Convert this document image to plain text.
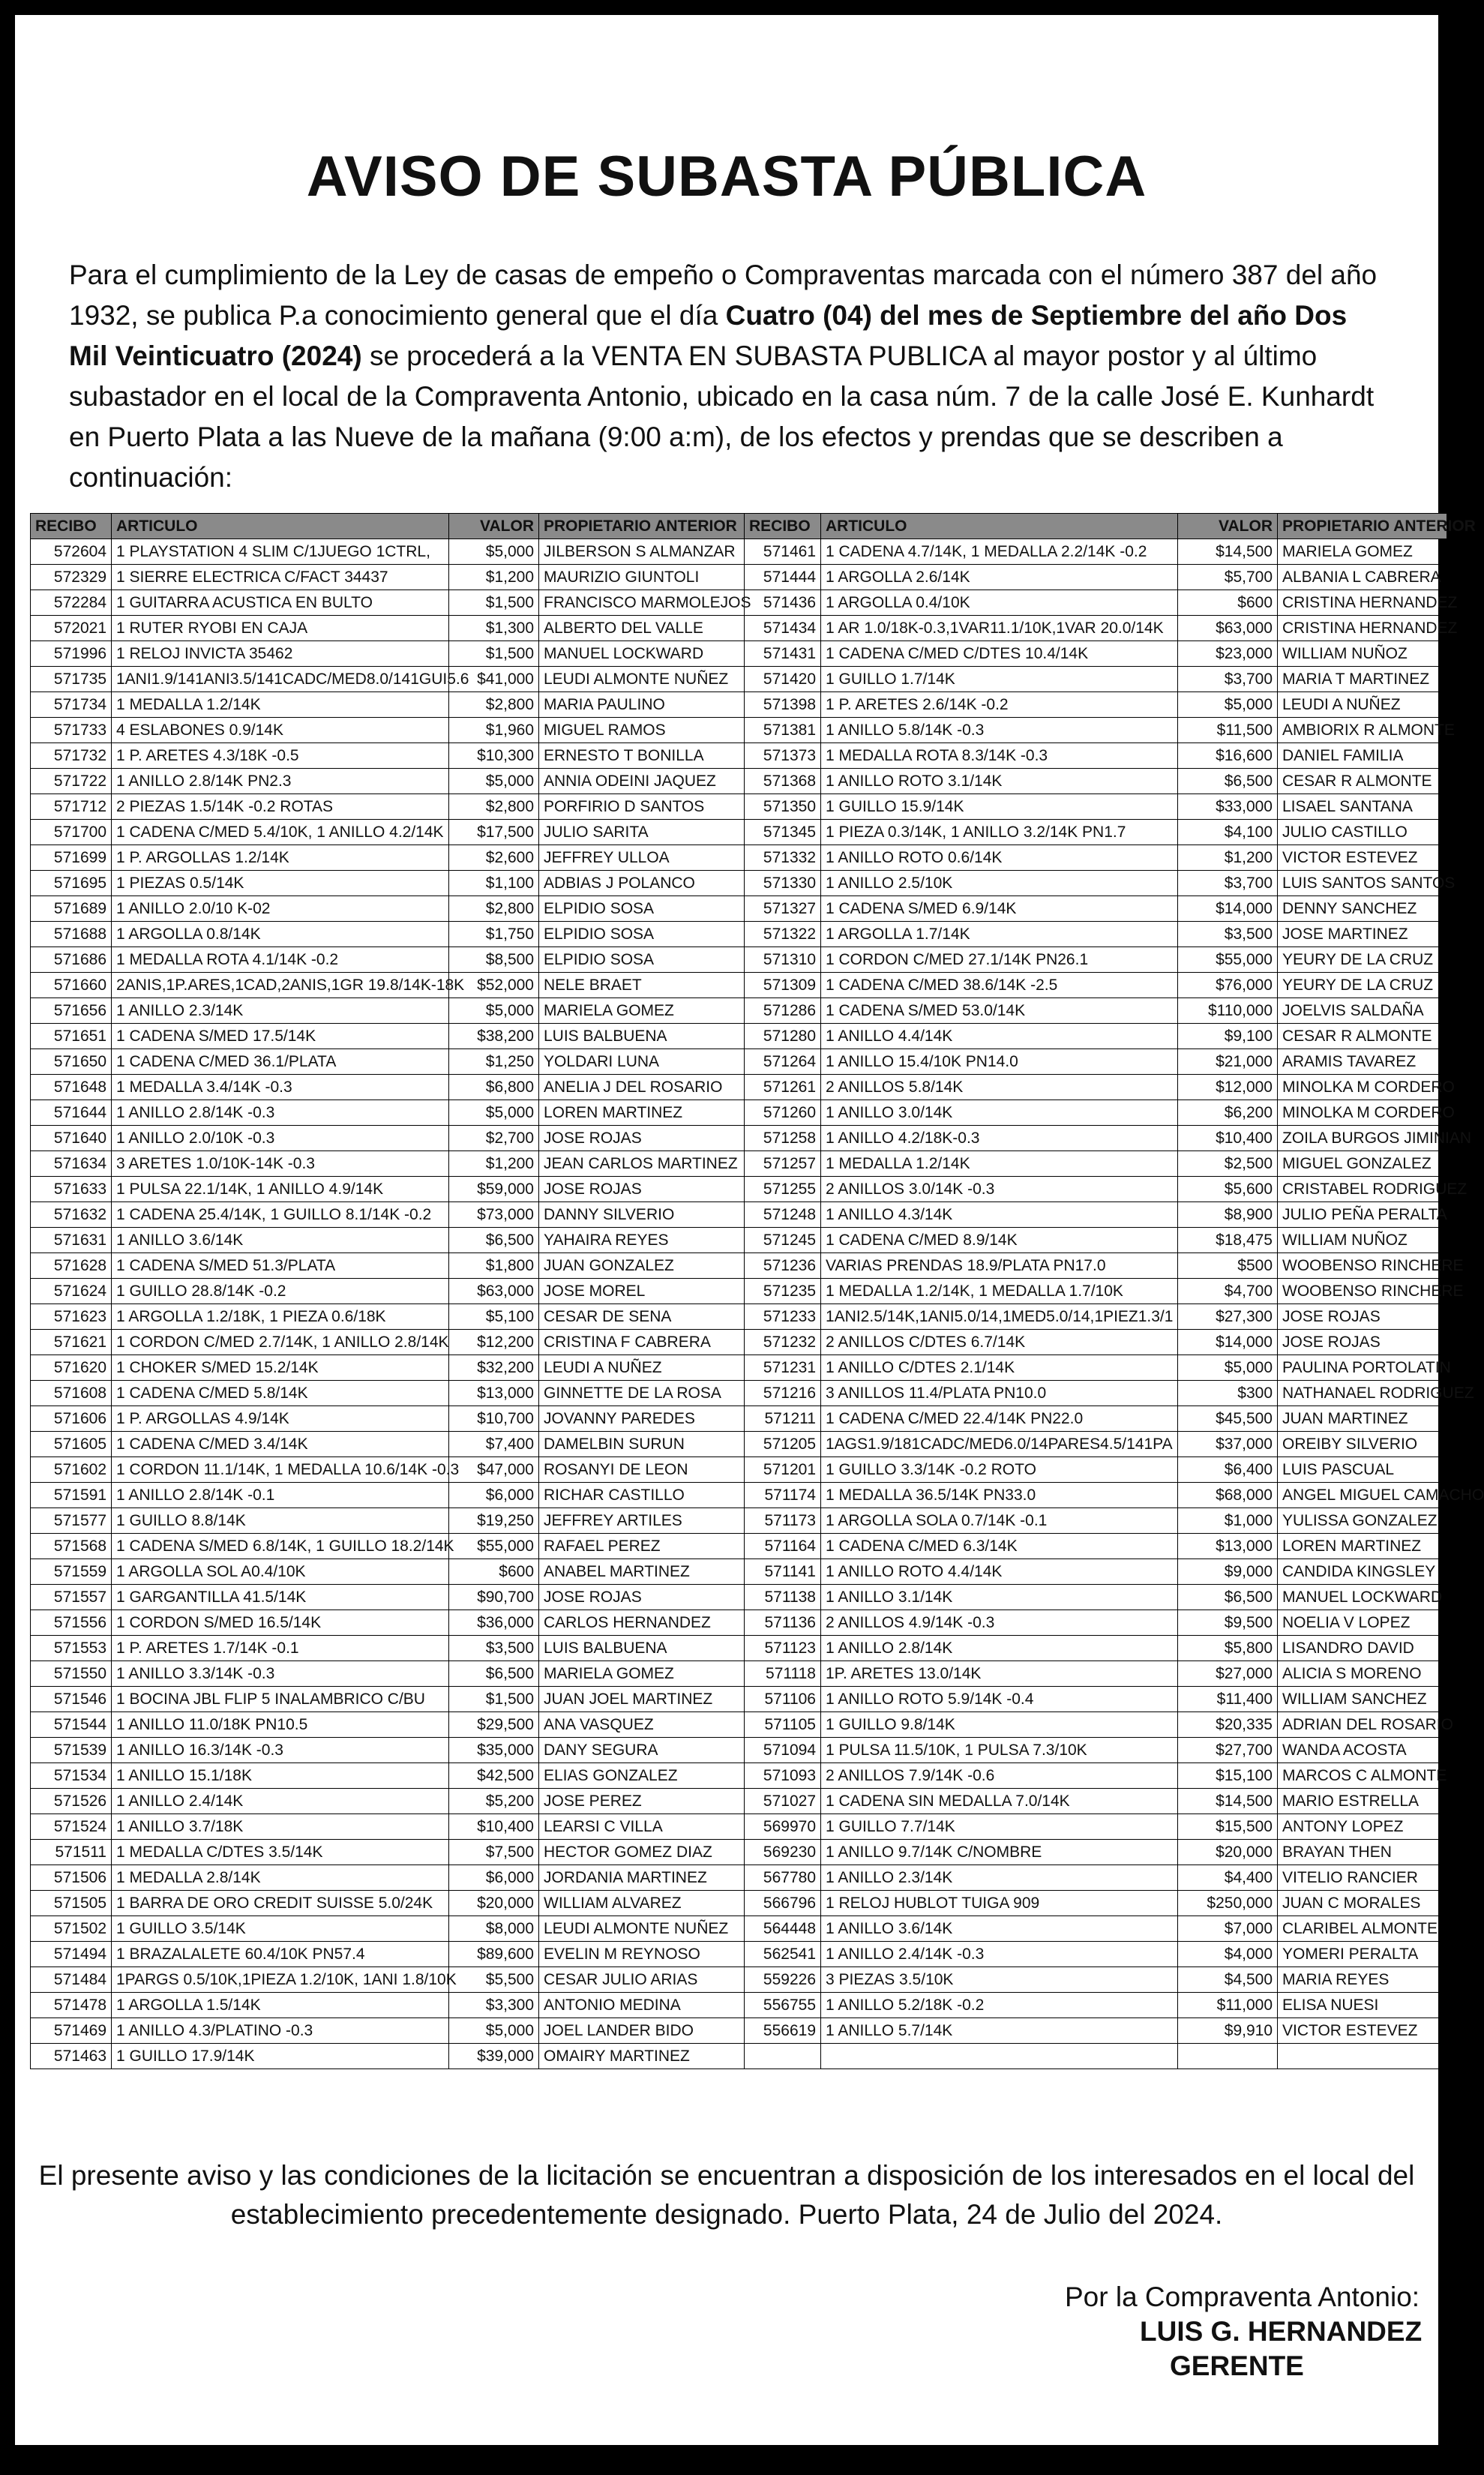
AVISO DE SUBASTA PÚBLICA
Para el cumplimiento de la Ley de casas de empeño o Compraventas marcada con el número 387 del año 1932, se publica P.a conocimiento general que el día Cuatro (04) del mes de Septiembre del año Dos Mil Veinticuatro (2024) se procederá a la VENTA EN SUBASTA PUBLICA al mayor postor y al último subastador en el local de la Compraventa Antonio, ubicado en la casa núm. 7 de la calle José E. Kunhardt en Puerto Plata a las Nueve de la mañana (9:00 a:m), de los efectos y prendas que se describen a continuación:
RECIBO	ARTICULO	VALOR	PROPIETARIO ANTERIOR	RECIBO	ARTICULO	VALOR	PROPIETARIO ANTERIOR
572604	1 PLAYSTATION 4 SLIM C/1JUEGO 1CTRL,	$5,000	JILBERSON S ALMANZAR	571461	1 CADENA 4.7/14K, 1 MEDALLA 2.2/14K -0.2	$14,500	MARIELA GOMEZ
572329	1 SIERRE ELECTRICA C/FACT 34437	$1,200	MAURIZIO GIUNTOLI	571444	1 ARGOLLA 2.6/14K	$5,700	ALBANIA L CABRERA
572284	1 GUITARRA ACUSTICA EN BULTO	$1,500	FRANCISCO MARMOLEJOS	571436	1 ARGOLLA 0.4/10K	$600	CRISTINA HERNANDEZ
572021	1 RUTER RYOBI EN CAJA	$1,300	ALBERTO DEL VALLE	571434	1 AR 1.0/18K-0.3,1VAR11.1/10K,1VAR 20.0/14K	$63,000	CRISTINA HERNANDEZ
571996	1 RELOJ INVICTA 35462	$1,500	MANUEL LOCKWARD	571431	1 CADENA C/MED C/DTES 10.4/14K	$23,000	WILLIAM NUÑOZ
571735	1ANI1.9/141ANI3.5/141CADC/MED8.0/141GUI5.6	$41,000	LEUDI ALMONTE NUÑEZ	571420	1 GUILLO 1.7/14K	$3,700	MARIA T MARTINEZ
571734	1 MEDALLA 1.2/14K	$2,800	MARIA PAULINO	571398	1 P. ARETES 2.6/14K -0.2	$5,000	LEUDI A NUÑEZ
571733	4 ESLABONES 0.9/14K	$1,960	MIGUEL RAMOS	571381	1 ANILLO 5.8/14K -0.3	$11,500	AMBIORIX R ALMONTE
571732	1 P. ARETES 4.3/18K -0.5	$10,300	ERNESTO T BONILLA	571373	1 MEDALLA ROTA 8.3/14K -0.3	$16,600	DANIEL FAMILIA
571722	1 ANILLO 2.8/14K PN2.3	$5,000	ANNIA ODEINI JAQUEZ	571368	1 ANILLO ROTO 3.1/14K	$6,500	CESAR R ALMONTE
571712	2 PIEZAS 1.5/14K -0.2 ROTAS	$2,800	PORFIRIO D SANTOS	571350	1 GUILLO 15.9/14K	$33,000	LISAEL SANTANA
571700	1 CADENA C/MED 5.4/10K, 1 ANILLO 4.2/14K	$17,500	JULIO SARITA	571345	1 PIEZA 0.3/14K, 1 ANILLO 3.2/14K PN1.7	$4,100	JULIO CASTILLO
571699	1 P. ARGOLLAS 1.2/14K	$2,600	JEFFREY ULLOA	571332	1 ANILLO ROTO 0.6/14K	$1,200	VICTOR ESTEVEZ
571695	1 PIEZAS 0.5/14K	$1,100	ADBIAS J POLANCO	571330	1 ANILLO 2.5/10K	$3,700	LUIS SANTOS SANTOS
571689	1 ANILLO 2.0/10 K-02	$2,800	ELPIDIO SOSA	571327	1 CADENA S/MED 6.9/14K	$14,000	DENNY SANCHEZ
571688	1 ARGOLLA 0.8/14K	$1,750	ELPIDIO SOSA	571322	1 ARGOLLA 1.7/14K	$3,500	JOSE MARTINEZ
571686	1 MEDALLA ROTA 4.1/14K -0.2	$8,500	ELPIDIO SOSA	571310	1 CORDON C/MED 27.1/14K PN26.1	$55,000	YEURY DE LA CRUZ
571660	2ANIS,1P.ARES,1CAD,2ANIS,1GR 19.8/14K-18K	$52,000	NELE BRAET	571309	1 CADENA C/MED 38.6/14K -2.5	$76,000	YEURY DE LA CRUZ
571656	1 ANILLO 2.3/14K	$5,000	MARIELA GOMEZ	571286	1 CADENA S/MED 53.0/14K	$110,000	JOELVIS SALDAÑA
571651	1 CADENA S/MED 17.5/14K	$38,200	LUIS BALBUENA	571280	1 ANILLO 4.4/14K	$9,100	CESAR R ALMONTE
571650	1 CADENA C/MED 36.1/PLATA	$1,250	YOLDARI LUNA	571264	1 ANILLO 15.4/10K PN14.0	$21,000	ARAMIS TAVAREZ
571648	1 MEDALLA 3.4/14K -0.3	$6,800	ANELIA J DEL ROSARIO	571261	2 ANILLOS 5.8/14K	$12,000	MINOLKA M CORDERO
571644	1 ANILLO 2.8/14K -0.3	$5,000	LOREN MARTINEZ	571260	1 ANILLO 3.0/14K	$6,200	MINOLKA M CORDERO
571640	1 ANILLO 2.0/10K -0.3	$2,700	JOSE ROJAS	571258	1 ANILLO 4.2/18K-0.3	$10,400	ZOILA BURGOS JIMINIAN
571634	3 ARETES 1.0/10K-14K -0.3	$1,200	JEAN CARLOS MARTINEZ	571257	1 MEDALLA 1.2/14K	$2,500	MIGUEL GONZALEZ
571633	1 PULSA 22.1/14K, 1 ANILLO 4.9/14K	$59,000	JOSE ROJAS	571255	2 ANILLOS 3.0/14K -0.3	$5,600	CRISTABEL RODRIGUEZ
571632	1 CADENA 25.4/14K, 1 GUILLO 8.1/14K -0.2	$73,000	DANNY SILVERIO	571248	1 ANILLO 4.3/14K	$8,900	JULIO PEÑA PERALTA
571631	1 ANILLO 3.6/14K	$6,500	YAHAIRA REYES	571245	1 CADENA C/MED 8.9/14K	$18,475	WILLIAM NUÑOZ
571628	1 CADENA S/MED 51.3/PLATA	$1,800	JUAN GONZALEZ	571236	VARIAS PRENDAS 18.9/PLATA PN17.0	$500	WOOBENSO RINCHERE
571624	1 GUILLO 28.8/14K -0.2	$63,000	JOSE MOREL	571235	1 MEDALLA 1.2/14K, 1 MEDALLA 1.7/10K	$4,700	WOOBENSO RINCHERE
571623	1 ARGOLLA 1.2/18K, 1 PIEZA 0.6/18K	$5,100	CESAR DE SENA	571233	1ANI2.5/14K,1ANI5.0/14,1MED5.0/14,1PIEZ1.3/1	$27,300	JOSE ROJAS
571621	1 CORDON C/MED 2.7/14K, 1 ANILLO 2.8/14K	$12,200	CRISTINA F CABRERA	571232	2 ANILLOS C/DTES 6.7/14K	$14,000	JOSE ROJAS
571620	1 CHOKER S/MED 15.2/14K	$32,200	LEUDI A NUÑEZ	571231	1 ANILLO C/DTES 2.1/14K	$5,000	PAULINA PORTOLATIN
571608	1 CADENA C/MED 5.8/14K	$13,000	GINNETTE DE LA ROSA	571216	3 ANILLOS 11.4/PLATA PN10.0	$300	NATHANAEL RODRIGUEZ
571606	1 P. ARGOLLAS 4.9/14K	$10,700	JOVANNY PAREDES	571211	1 CADENA C/MED 22.4/14K PN22.0	$45,500	JUAN MARTINEZ
571605	1 CADENA C/MED 3.4/14K	$7,400	DAMELBIN SURUN	571205	1AGS1.9/181CADC/MED6.0/14PARES4.5/141PA	$37,000	OREIBY SILVERIO
571602	1 CORDON 11.1/14K, 1 MEDALLA 10.6/14K -0.3	$47,000	ROSANYI DE LEON	571201	1 GUILLO 3.3/14K -0.2 ROTO	$6,400	LUIS PASCUAL
571591	1 ANILLO 2.8/14K -0.1	$6,000	RICHAR CASTILLO	571174	1 MEDALLA 36.5/14K PN33.0	$68,000	ANGEL MIGUEL CAMACHO
571577	1 GUILLO 8.8/14K	$19,250	JEFFREY ARTILES	571173	1 ARGOLLA SOLA 0.7/14K -0.1	$1,000	YULISSA GONZALEZ
571568	1 CADENA S/MED 6.8/14K, 1 GUILLO 18.2/14K	$55,000	RAFAEL PEREZ	571164	1 CADENA C/MED 6.3/14K	$13,000	LOREN MARTINEZ
571559	1 ARGOLLA SOL A0.4/10K	$600	ANABEL MARTINEZ	571141	1 ANILLO ROTO 4.4/14K	$9,000	CANDIDA KINGSLEY
571557	1 GARGANTILLA 41.5/14K	$90,700	JOSE ROJAS	571138	1 ANILLO 3.1/14K	$6,500	MANUEL LOCKWARD
571556	1 CORDON S/MED 16.5/14K	$36,000	CARLOS HERNANDEZ	571136	2 ANILLOS 4.9/14K -0.3	$9,500	NOELIA V LOPEZ
571553	1 P. ARETES 1.7/14K -0.1	$3,500	LUIS BALBUENA	571123	1 ANILLO 2.8/14K	$5,800	LISANDRO DAVID
571550	1 ANILLO 3.3/14K -0.3	$6,500	MARIELA GOMEZ	571118	1P. ARETES 13.0/14K	$27,000	ALICIA S MORENO
571546	1 BOCINA JBL FLIP 5 INALAMBRICO C/BU	$1,500	JUAN JOEL MARTINEZ	571106	1 ANILLO ROTO 5.9/14K -0.4	$11,400	WILLIAM SANCHEZ
571544	1 ANILLO 11.0/18K PN10.5	$29,500	ANA VASQUEZ	571105	1 GUILLO 9.8/14K	$20,335	ADRIAN DEL ROSARIO
571539	1 ANILLO 16.3/14K -0.3	$35,000	DANY SEGURA	571094	1 PULSA 11.5/10K, 1 PULSA 7.3/10K	$27,700	WANDA ACOSTA
571534	1 ANILLO 15.1/18K	$42,500	ELIAS GONZALEZ	571093	2 ANILLOS 7.9/14K -0.6	$15,100	MARCOS C ALMONTE
571526	1 ANILLO 2.4/14K	$5,200	JOSE PEREZ	571027	1 CADENA SIN MEDALLA 7.0/14K	$14,500	MARIO ESTRELLA
571524	1 ANILLO 3.7/18K	$10,400	LEARSI C VILLA	569970	1 GUILLO 7.7/14K	$15,500	ANTONY LOPEZ
571511	1 MEDALLA C/DTES 3.5/14K	$7,500	HECTOR GOMEZ DIAZ	569230	1 ANILLO 9.7/14K C/NOMBRE	$20,000	BRAYAN THEN
571506	1 MEDALLA 2.8/14K	$6,000	JORDANIA MARTINEZ	567780	1 ANILLO 2.3/14K	$4,400	VITELIO RANCIER
571505	1 BARRA DE ORO CREDIT SUISSE 5.0/24K	$20,000	WILLIAM ALVAREZ	566796	1 RELOJ HUBLOT TUIGA 909	$250,000	JUAN C MORALES
571502	1 GUILLO 3.5/14K	$8,000	LEUDI ALMONTE NUÑEZ	564448	1 ANILLO 3.6/14K	$7,000	CLARIBEL ALMONTE
571494	1 BRAZALALETE 60.4/10K PN57.4	$89,600	EVELIN M REYNOSO	562541	1 ANILLO 2.4/14K -0.3	$4,000	YOMERI PERALTA
571484	1PARGS 0.5/10K,1PIEZA 1.2/10K, 1ANI 1.8/10K	$5,500	CESAR JULIO ARIAS	559226	3 PIEZAS 3.5/10K	$4,500	MARIA REYES
571478	1 ARGOLLA 1.5/14K	$3,300	ANTONIO MEDINA	556755	1 ANILLO 5.2/18K -0.2	$11,000	ELISA NUESI
571469	1 ANILLO 4.3/PLATINO -0.3	$5,000	JOEL LANDER BIDO	556619	1 ANILLO 5.7/14K	$9,910	VICTOR ESTEVEZ
571463	1 GUILLO 17.9/14K	$39,000	OMAIRY MARTINEZ				
El presente aviso y las condiciones de la licitación se encuentran a disposición de los interesados en el local del
establecimiento precedentemente designado. Puerto Plata, 24 de Julio del 2024.
Por la Compraventa Antonio:
LUIS G. HERNANDEZ
GERENTE
